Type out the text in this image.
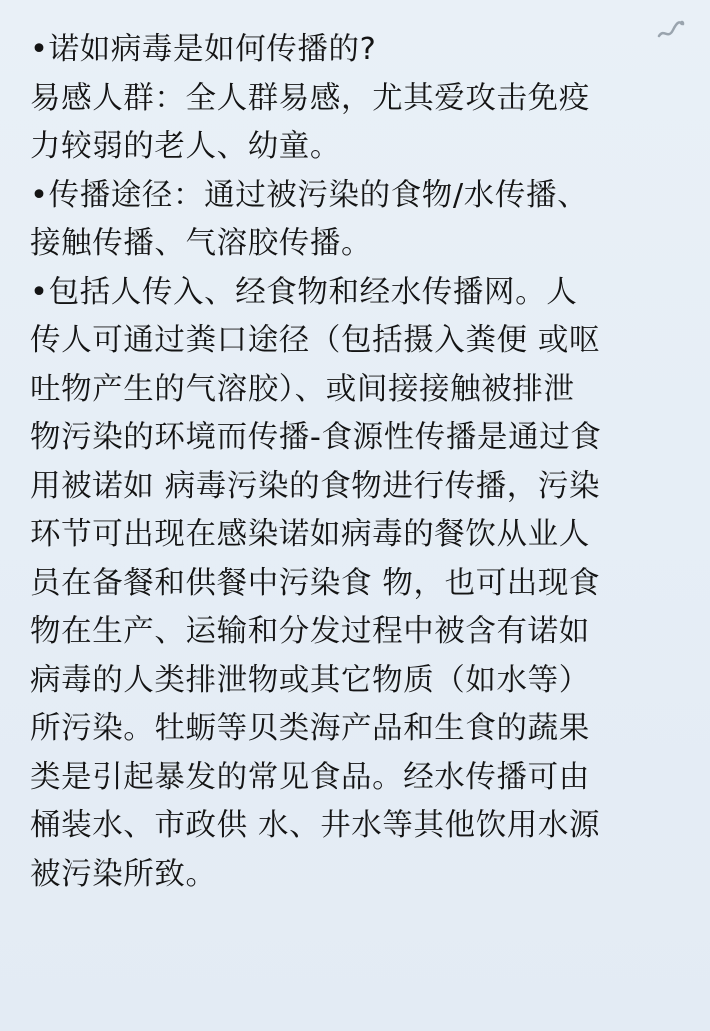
•诺如病毒是如何传播的?
易感人群：全人群易感，尤其爱攻击免疫
力较弱的老人、幼童。
•传播途径：通过被污染的食物/水传播、
接触传播、气溶胶传播。
•包括人传入、经食物和经水传播网。人
传人可通过粪口途径（包括摄入粪便 或呕
吐物产生的气溶胶）、或间接接触被排泄
物污染的环境而传播-食源性传播是通过食
用被诺如 病毒污染的食物进行传播，污染
环节可出现在感染诺如病毒的餐饮从业人
员在备餐和供餐中污染食 物，也可出现食
物在生产、运输和分发过程中被含有诺如
病毒的人类排泄物或其它物质（如水等）
所污染。牡蛎等贝类海产品和生食的蔬果
类是引起暴发的常见食品。经水传播可由
桶装水、市政供 水、井水等其他饮用水源
被污染所致。
